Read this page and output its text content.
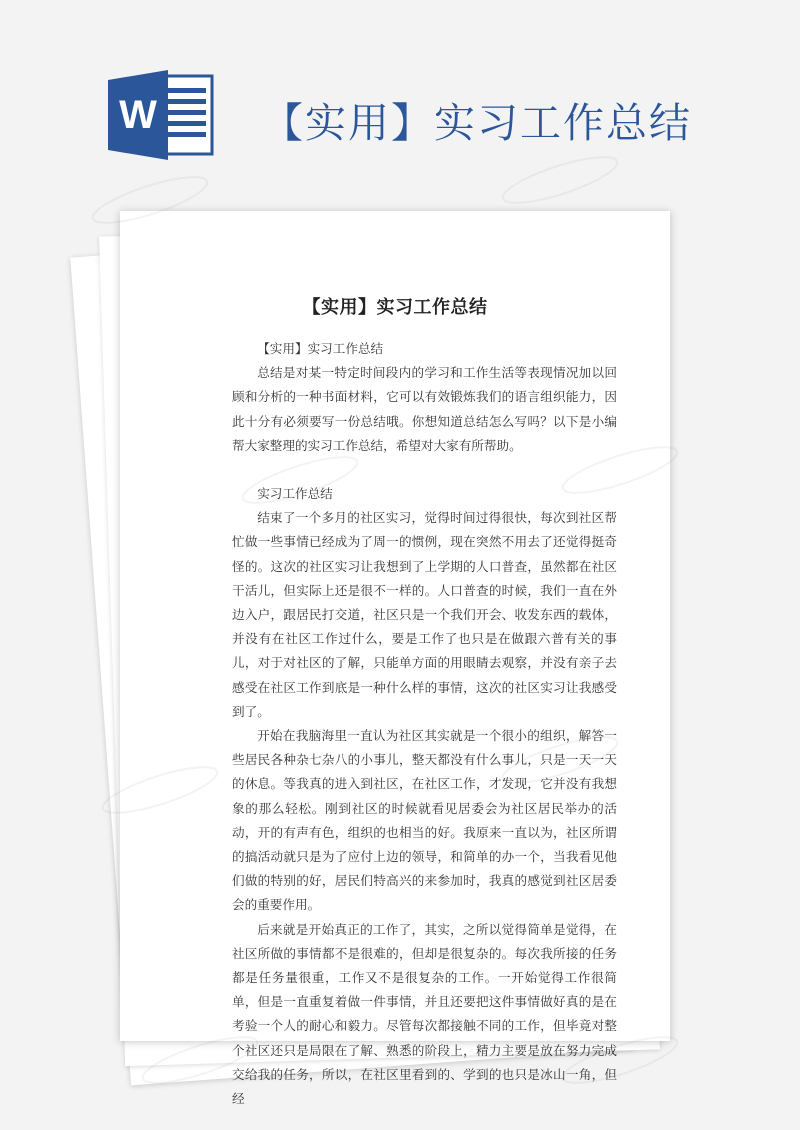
W	【实用】实习工作总结
【实用】实习工作总结

【实用】实习工作总结

总结是对某一特定时间段内的学习和工作生活等表现情况加以回顾和分析的一种书面材料，它可以有效锻炼我们的语言组织能力，因此十分有必须要写一份总结哦。你想知道总结怎么写吗？以下是小编帮大家整理的实习工作总结，希望对大家有所帮助。

实习工作总结

结束了一个多月的社区实习，觉得时间过得很快，每次到社区帮忙做一些事情已经成为了周一的惯例，现在突然不用去了还觉得挺奇怪的。这次的社区实习让我想到了上学期的人口普查，虽然都在社区干活儿，但实际上还是很不一样的。人口普查的时候，我们一直在外边入户，跟居民打交道，社区只是一个我们开会、收发东西的载体，并没有在社区工作过什么，要是工作了也只是在做跟六普有关的事儿，对于对社区的了解，只能单方面的用眼睛去观察，并没有亲子去感受在社区工作到底是一种什么样的事情，这次的社区实习让我感受到了。

开始在我脑海里一直认为社区其实就是一个很小的组织，解答一些居民各种杂七杂八的小事儿，整天都没有什么事儿，只是一天一天的休息。等我真的进入到社区，在社区工作，才发现，它并没有我想象的那么轻松。刚到社区的时候就看见居委会为社区居民举办的活动，开的有声有色，组织的也相当的好。我原来一直以为，社区所谓的搞活动就只是为了应付上边的领导，和简单的办一个，当我看见他们做的特别的好，居民们特高兴的来参加时，我真的感觉到社区居委会的重要作用。

后来就是开始真正的工作了，其实，之所以觉得简单是觉得，在社区所做的事情都不是很难的，但却是很复杂的。每次我所接的任务都是任务量很重，工作又不是很复杂的工作。一开始觉得工作很简单，但是一直重复着做一件事情，并且还要把这件事情做好真的是在考验一个人的耐心和毅力。尽管每次都接触不同的工作，但毕竟对整个社区还只是局限在了解、熟悉的阶段上，精力主要是放在努力完成交给我的任务，所以，在社区里看到的、学到的也只是冰山一角，但经
